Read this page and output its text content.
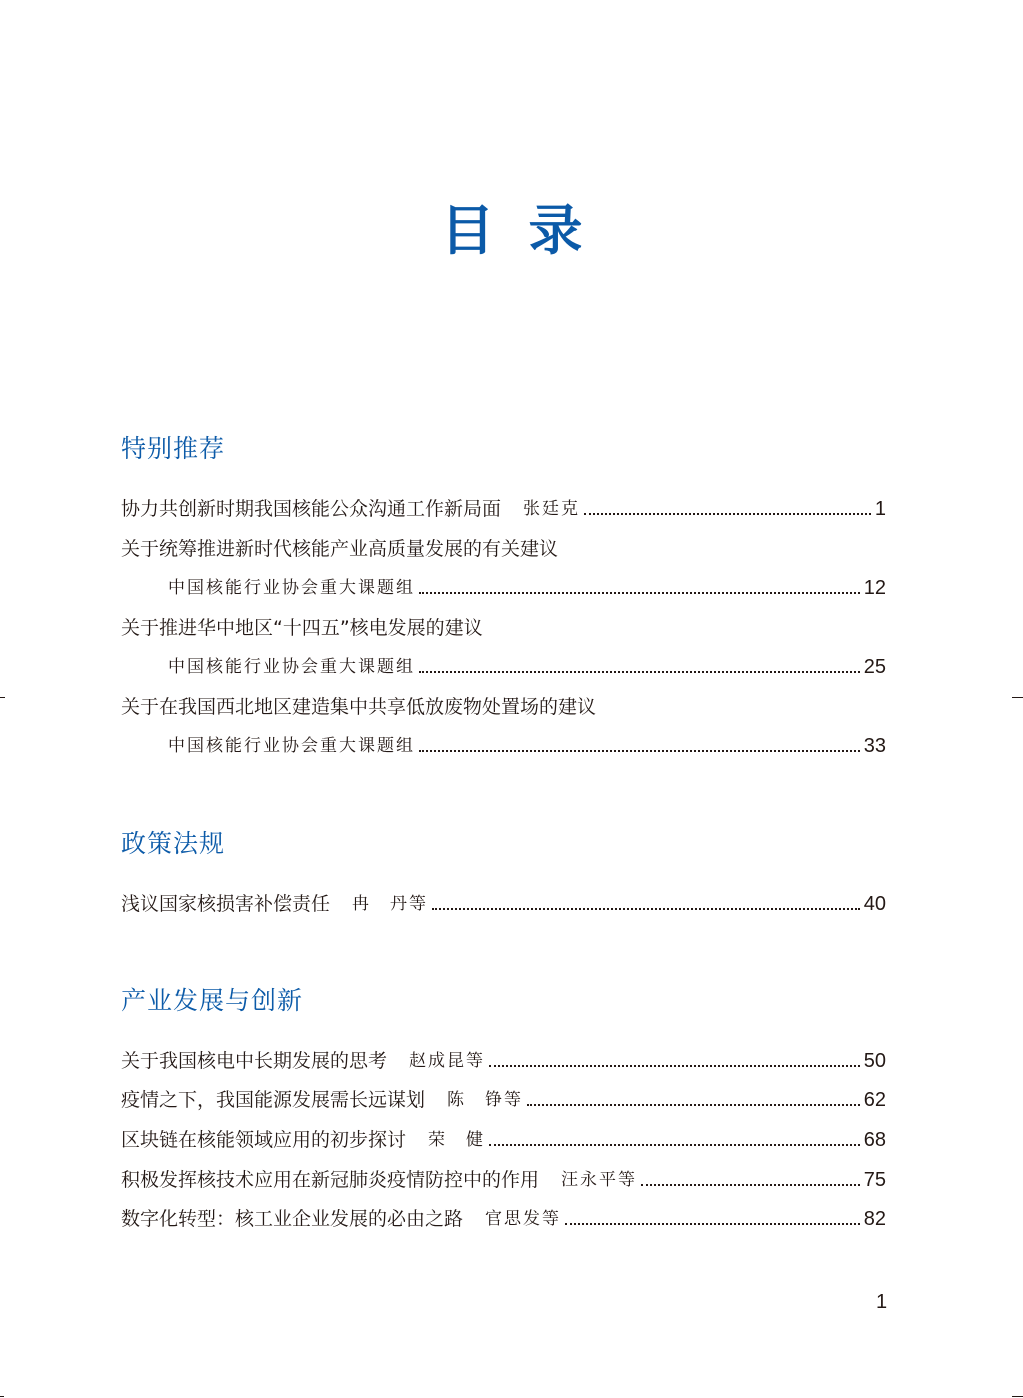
目录
特别推荐
协力共创新时期我国核能公众沟通工作新局面 张廷克	1
关于统筹推进新时代核能产业高质量发展的有关建议
中国核能行业协会重大课题组	12
关于推进华中地区“十四五”核电发展的建议
中国核能行业协会重大课题组	25
关于在我国西北地区建造集中共享低放废物处置场的建议
中国核能行业协会重大课题组	33
政策法规
浅议国家核损害补偿责任 冉　丹等	40
产业发展与创新
关于我国核电中长期发展的思考 赵成昆等	50
疫情之下，我国能源发展需长远谋划 陈　铮等	62
区块链在核能领域应用的初步探讨 荣　健	68
积极发挥核技术应用在新冠肺炎疫情防控中的作用 汪永平等	75
数字化转型：核工业企业发展的必由之路 官思发等	82
1
